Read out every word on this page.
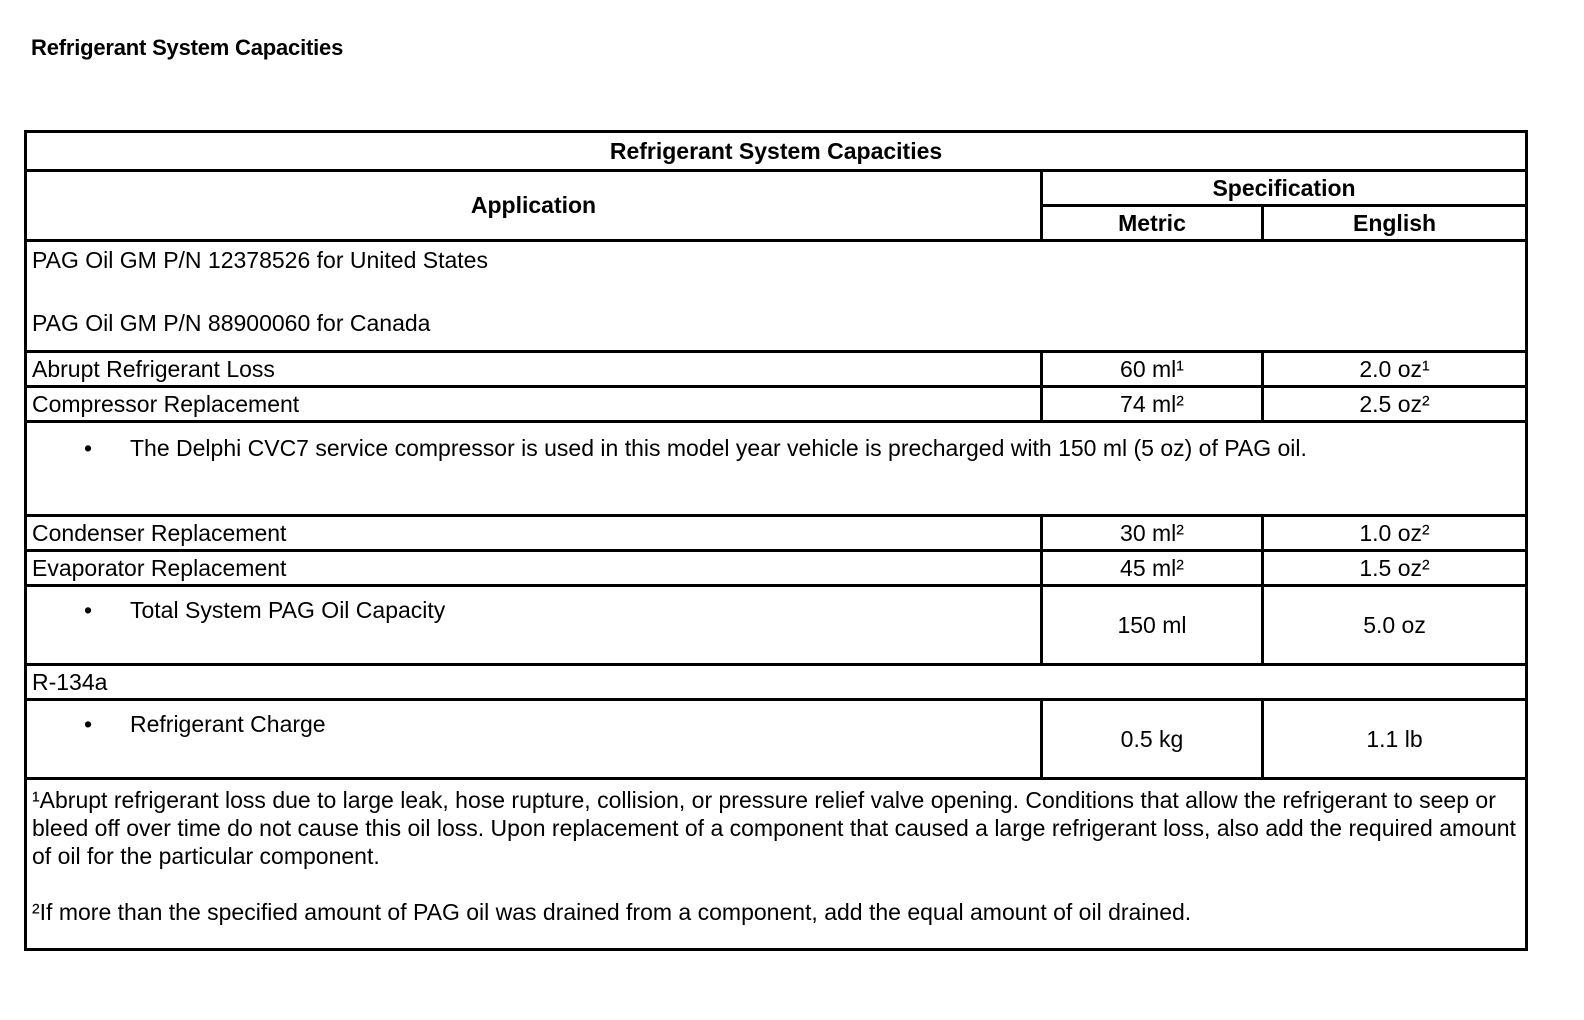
Refrigerant System Capacities
Refrigerant System Capacities		
Application	Specification	
	Metric	English

PAG Oil GM P/N 12378526 for United States
PAG Oil GM P/N 88900060 for Canada		

Abrupt Refrigerant Loss	60 ml¹	2.0 oz¹
Compressor Replacement	74 ml²	2.5 oz²
• The Delphi CVC7 service compressor is used in this model year vehicle is precharged with 150 ml (5 oz) of PAG oil.		
Condenser Replacement	30 ml²	1.0 oz²
Evaporator Replacement	45 ml²	1.5 oz²
• Total System PAG Oil Capacity	150 ml	5.0 oz
R-134a		
• Refrigerant Charge	0.5 kg	1.1 lb

¹Abrupt refrigerant loss due to large leak, hose rupture, collision, or pressure relief valve opening. Conditions that allow the refrigerant to seep or bleed off over time do not cause this oil loss. Upon replacement of a component that caused a large refrigerant loss, also add the required amount of oil for the particular component.
²If more than the specified amount of PAG oil was drained from a component, add the equal amount of oil drained.		
